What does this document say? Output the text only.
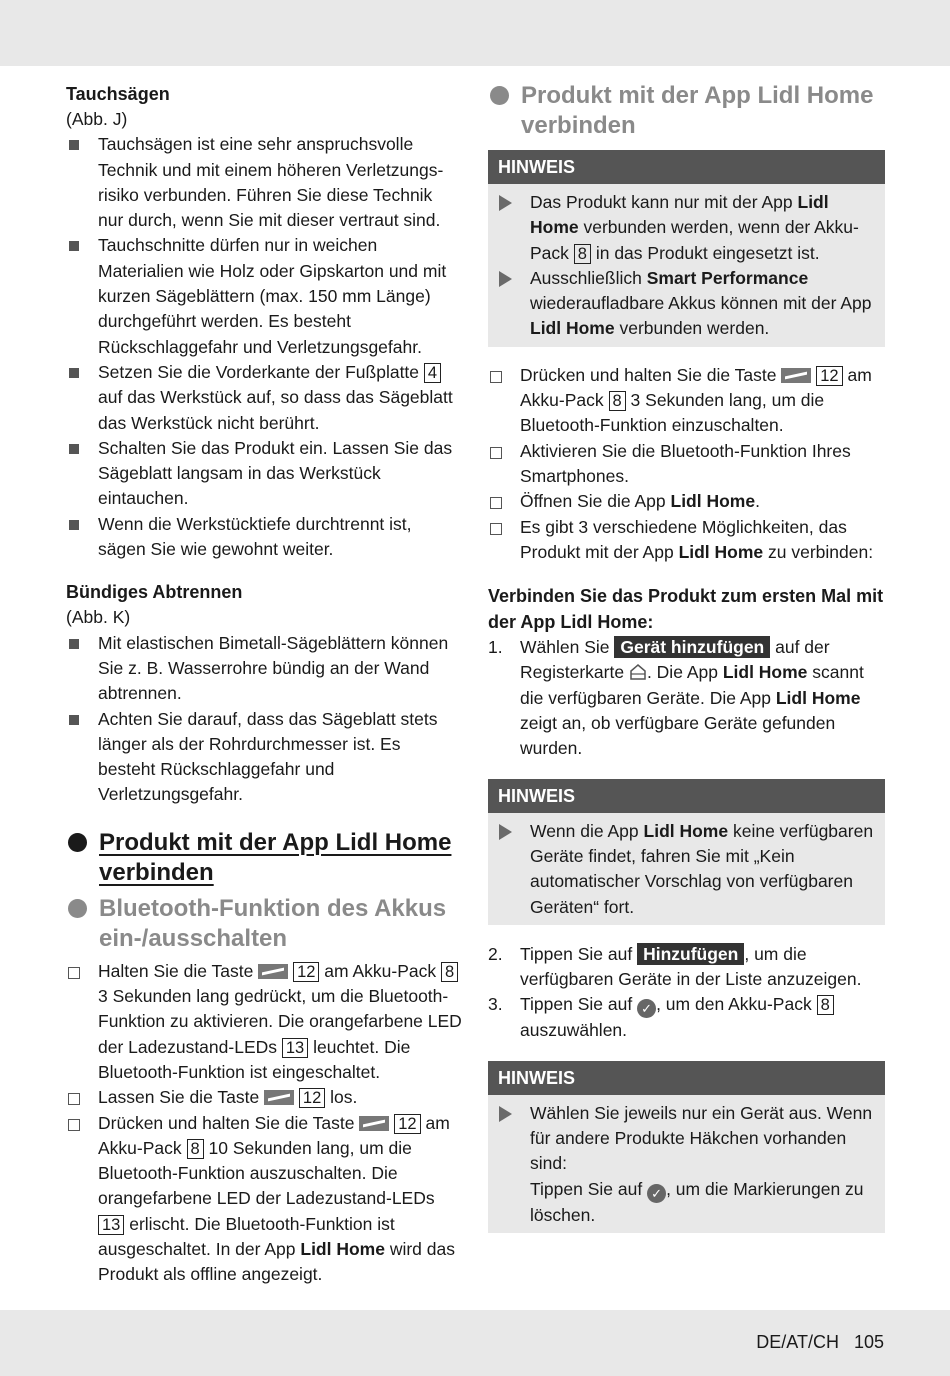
Tauchsägen

(Abb. J)

Tauchsägen ist eine sehr anspruchsvolle Technik und mit einem höheren Verletzungsrisiko verbunden. Führen Sie diese Technik nur durch, wenn Sie mit dieser vertraut sind.
Tauchschnitte dürfen nur in weichen Materialien wie Holz oder Gipskarton und mit kurzen Sägeblättern (max. 150 mm Länge) durchgeführt werden. Es besteht Rückschlaggefahr und Verletzungsgefahr.
Setzen Sie die Vorderkante der Fußplatte 4 auf das Werkstück auf, so dass das Sägeblatt das Werkstück nicht berührt.
Schalten Sie das Produkt ein. Lassen Sie das Sägeblatt langsam in das Werkstück eintauchen.
Wenn die Werkstücktiefe durchtrennt ist, sägen Sie wie gewohnt weiter.

Bündiges Abtrennen

(Abb. K)

Mit elastischen Bimetall-Sägeblättern können Sie z. B. Wasserrohre bündig an der Wand abtrennen.
Achten Sie darauf, dass das Sägeblatt stets länger als der Rohrdurchmesser ist. Es besteht Rückschlaggefahr und Verletzungsgefahr.
Produkt mit der App Lidl Home verbinden
Bluetooth-Funktion des Akkus ein-/ausschalten
Halten Sie die Taste  12 am Akku-Pack 8 3 Sekunden lang gedrückt, um die Bluetooth-Funktion zu aktivieren. Die orangefarbene LED der Ladezustand-LEDs 13 leuchtet. Die Bluetooth-Funktion ist eingeschaltet.
Lassen Sie die Taste  12 los.
Drücken und halten Sie die Taste  12 am Akku-Pack 8 10 Sekunden lang, um die Bluetooth-Funktion auszuschalten. Die orangefarbene LED der Ladezustand-LEDs 13 erlischt. Die Bluetooth-Funktion ist ausgeschaltet. In der App Lidl Home wird das Produkt als offline angezeigt.
Produkt mit der App Lidl Home verbinden
HINWEIS
Das Produkt kann nur mit der App Lidl Home verbunden werden, wenn der Akku-Pack 8 in das Produkt eingesetzt ist.
Ausschließlich Smart Performance wiederaufladbare Akkus können mit der App Lidl Home verbunden werden.
Drücken und halten Sie die Taste  12 am Akku-Pack 8 3 Sekunden lang, um die Bluetooth-Funktion einzuschalten.
Aktivieren Sie die Bluetooth-Funktion Ihres Smartphones.
Öffnen Sie die App Lidl Home.
Es gibt 3 verschiedene Möglichkeiten, das Produkt mit der App Lidl Home zu verbinden:

Verbinden Sie das Produkt zum ersten Mal mit der App Lidl Home:

1. Wählen Sie Gerät hinzufügen auf der Registerkarte . Die App Lidl Home scannt die verfügbaren Geräte. Die App Lidl Home zeigt an, ob verfügbare Geräte gefunden wurden.
HINWEIS
Wenn die App Lidl Home keine verfügbaren Geräte findet, fahren Sie mit „Kein automatischer Vorschlag von verfügbaren Geräten“ fort.
2. Tippen Sie auf Hinzufügen , um die verfügbaren Geräte in der Liste anzuzeigen.
3. Tippen Sie auf ✓ , um den Akku-Pack 8 auszuwählen.
HINWEIS
Wählen Sie jeweils nur ein Gerät aus. Wenn für andere Produkte Häkchen vorhanden sind:
Tippen Sie auf ✓ , um die Markierungen zu löschen.
DE/AT/CH   105
